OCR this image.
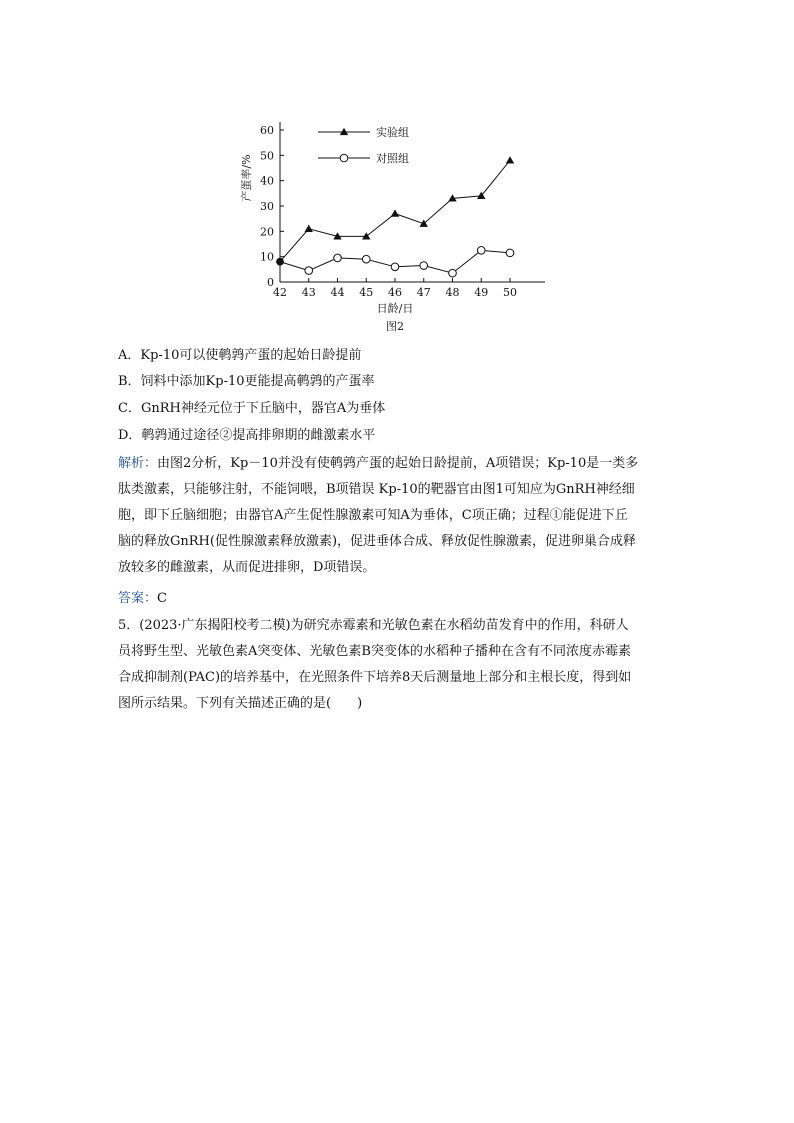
0
10
20
30
40
50
60
42 43 44 45 46 47 48 49 50
实验组
对照组
产蛋率/%
日龄/日
图2
A．Kp-10可以使鹌鹑产蛋的起始日龄提前
B．饲料中添加Kp-10更能提高鹌鹑的产蛋率
C．GnRH神经元位于下丘脑中，器官A为垂体
D．鹌鹑通过途径②提高排卵期的雌激素水平
解析：由图2分析，Kp－10并没有使鹌鹑产蛋的起始日龄提前，A项错误；Kp-10是一类多
肽类激素，只能够注射，不能饲喂，B项错误 Kp-10的靶器官由图1可知应为GnRH神经细
胞，即下丘脑细胞；由器官A产生促性腺激素可知A为垂体，C项正确；过程①能促进下丘
脑的释放GnRH(促性腺激素释放激素)，促进垂体合成、释放促性腺激素，促进卵巢合成释
放较多的雌激素，从而促进排卵，D项错误。
答案：C
5．(2023·广东揭阳校考二模)为研究赤霉素和光敏色素在水稻幼苗发育中的作用，科研人
员将野生型、光敏色素A突变体、光敏色素B突变体的水稻种子播种在含有不同浓度赤霉素
合成抑制剂(PAC)的培养基中，在光照条件下培养8天后测量地上部分和主根长度，得到如
图所示结果。下列有关描述正确的是(　　)
